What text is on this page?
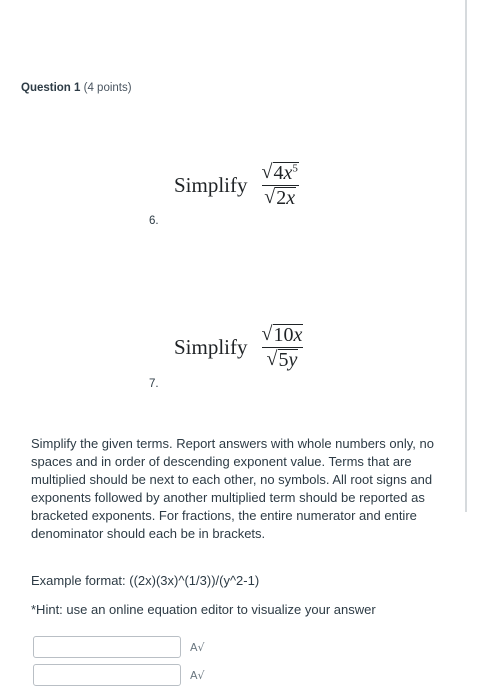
Question 1 (4 points)
Simplify $\frac{√ 4x^5}{√ 2x}$
6.
Simplify $\frac{√ 10x}{√ 5y}$
7.
Simplify the given terms. Report answers with whole numbers only, no spaces and in order of descending exponent value. Terms that are multiplied should be next to each other, no symbols. All root signs and exponents followed by another multiplied term should be reported as bracketed exponents. For fractions, the entire numerator and entire denominator should each be in brackets.
Example format: ((2x)(3x)^(1/3))/(y^2-1)
*Hint: use an online equation editor to visualize your answer
A√
A√
